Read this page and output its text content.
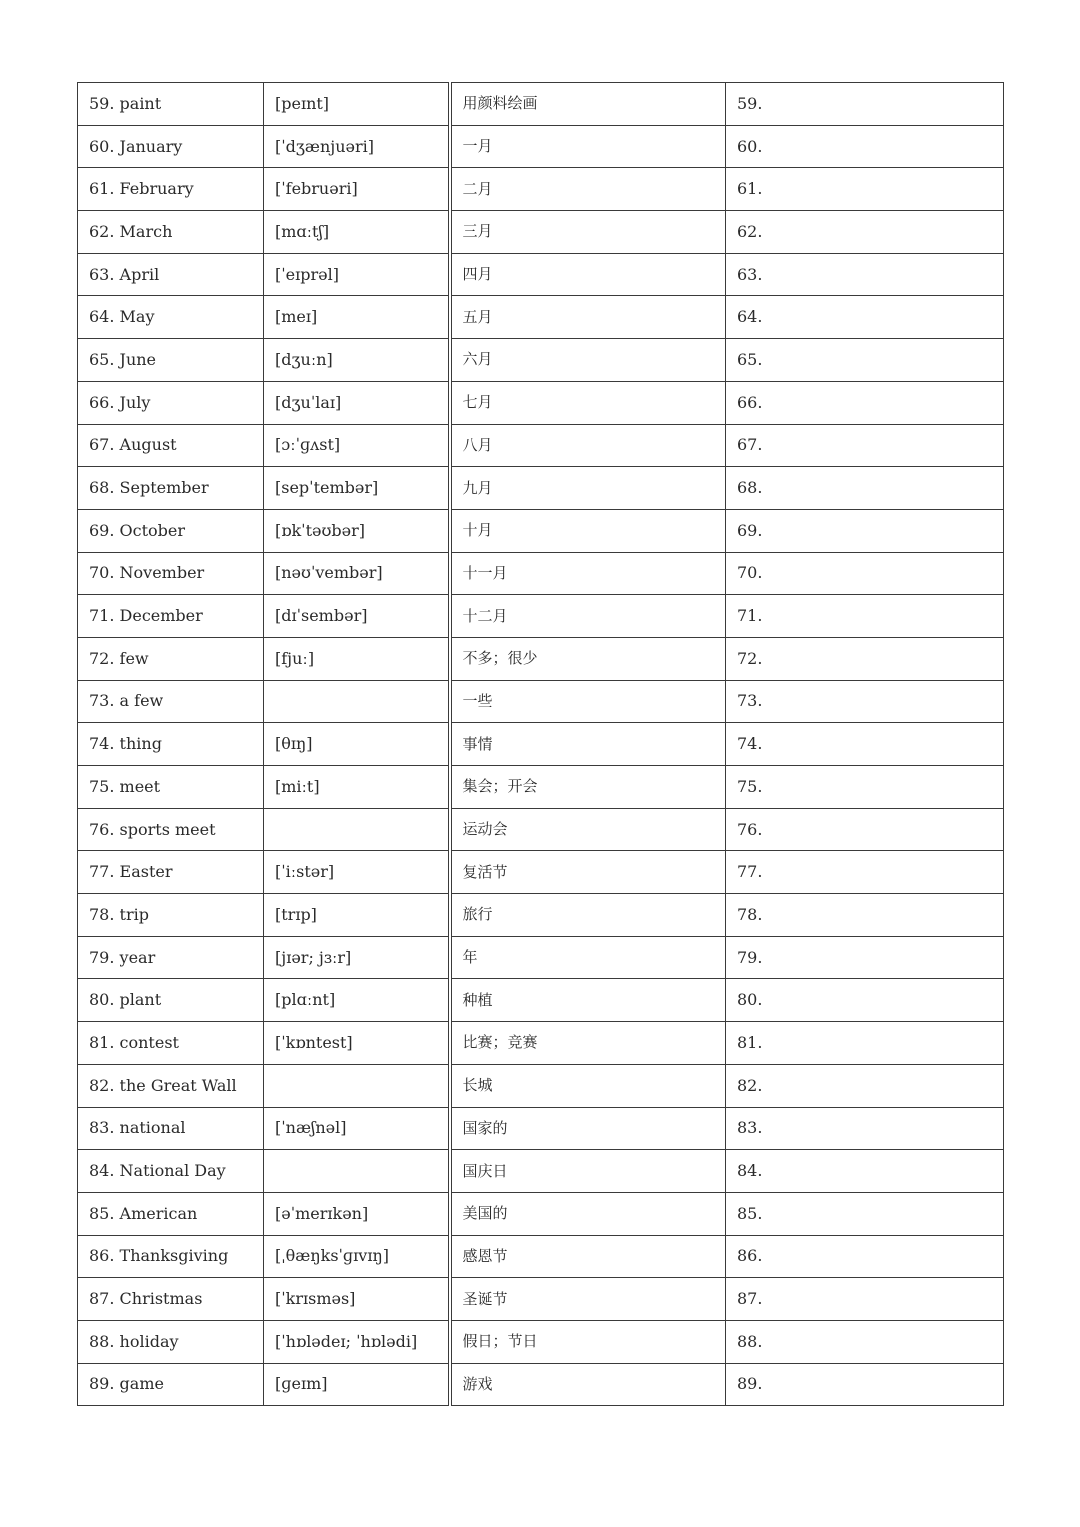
59. paint	[peɪnt]	用颜料绘画	59.
60. January	[ˈdʒænjuəri]	一月	60.
61. February	[ˈfebruəri]	二月	61.
62. March	[mɑːtʃ]	三月	62.
63. April	[ˈeɪprəl]	四月	63.
64. May	[meɪ]	五月	64.
65. June	[dʒuːn]	六月	65.
66. July	[dʒuˈlaɪ]	七月	66.
67. August	[ɔːˈɡʌst]	八月	67.
68. September	[sepˈtembər]	九月	68.
69. October	[ɒkˈtəʊbər]	十月	69.
70. November	[nəʊˈvembər]	十一月	70.
71. December	[dɪˈsembər]	十二月	71.
72. few	[fjuː]	不多；很少	72.
73. a few		一些	73.
74. thing	[θɪŋ]	事情	74.
75. meet	[miːt]	集会；开会	75.
76. sports meet		运动会	76.
77. Easter	[ˈiːstər]	复活节	77.
78. trip	[trɪp]	旅行	78.
79. year	[jɪər; jɜːr]	年	79.
80. plant	[plɑːnt]	种植	80.
81. contest	[ˈkɒntest]	比赛；竞赛	81.
82. the Great Wall		长城	82.
83. national	[ˈnæʃnəl]	国家的	83.
84. National Day		国庆日	84.
85. American	[əˈmerɪkən]	美国的	85.
86. Thanksgiving	[ˌθæŋksˈɡɪvɪŋ]	感恩节	86.
87. Christmas	[ˈkrɪsməs]	圣诞节	87.
88. holiday	[ˈhɒlədeɪ; ˈhɒlədi]	假日；节日	88.
89. game	[ɡeɪm]	游戏	89.
